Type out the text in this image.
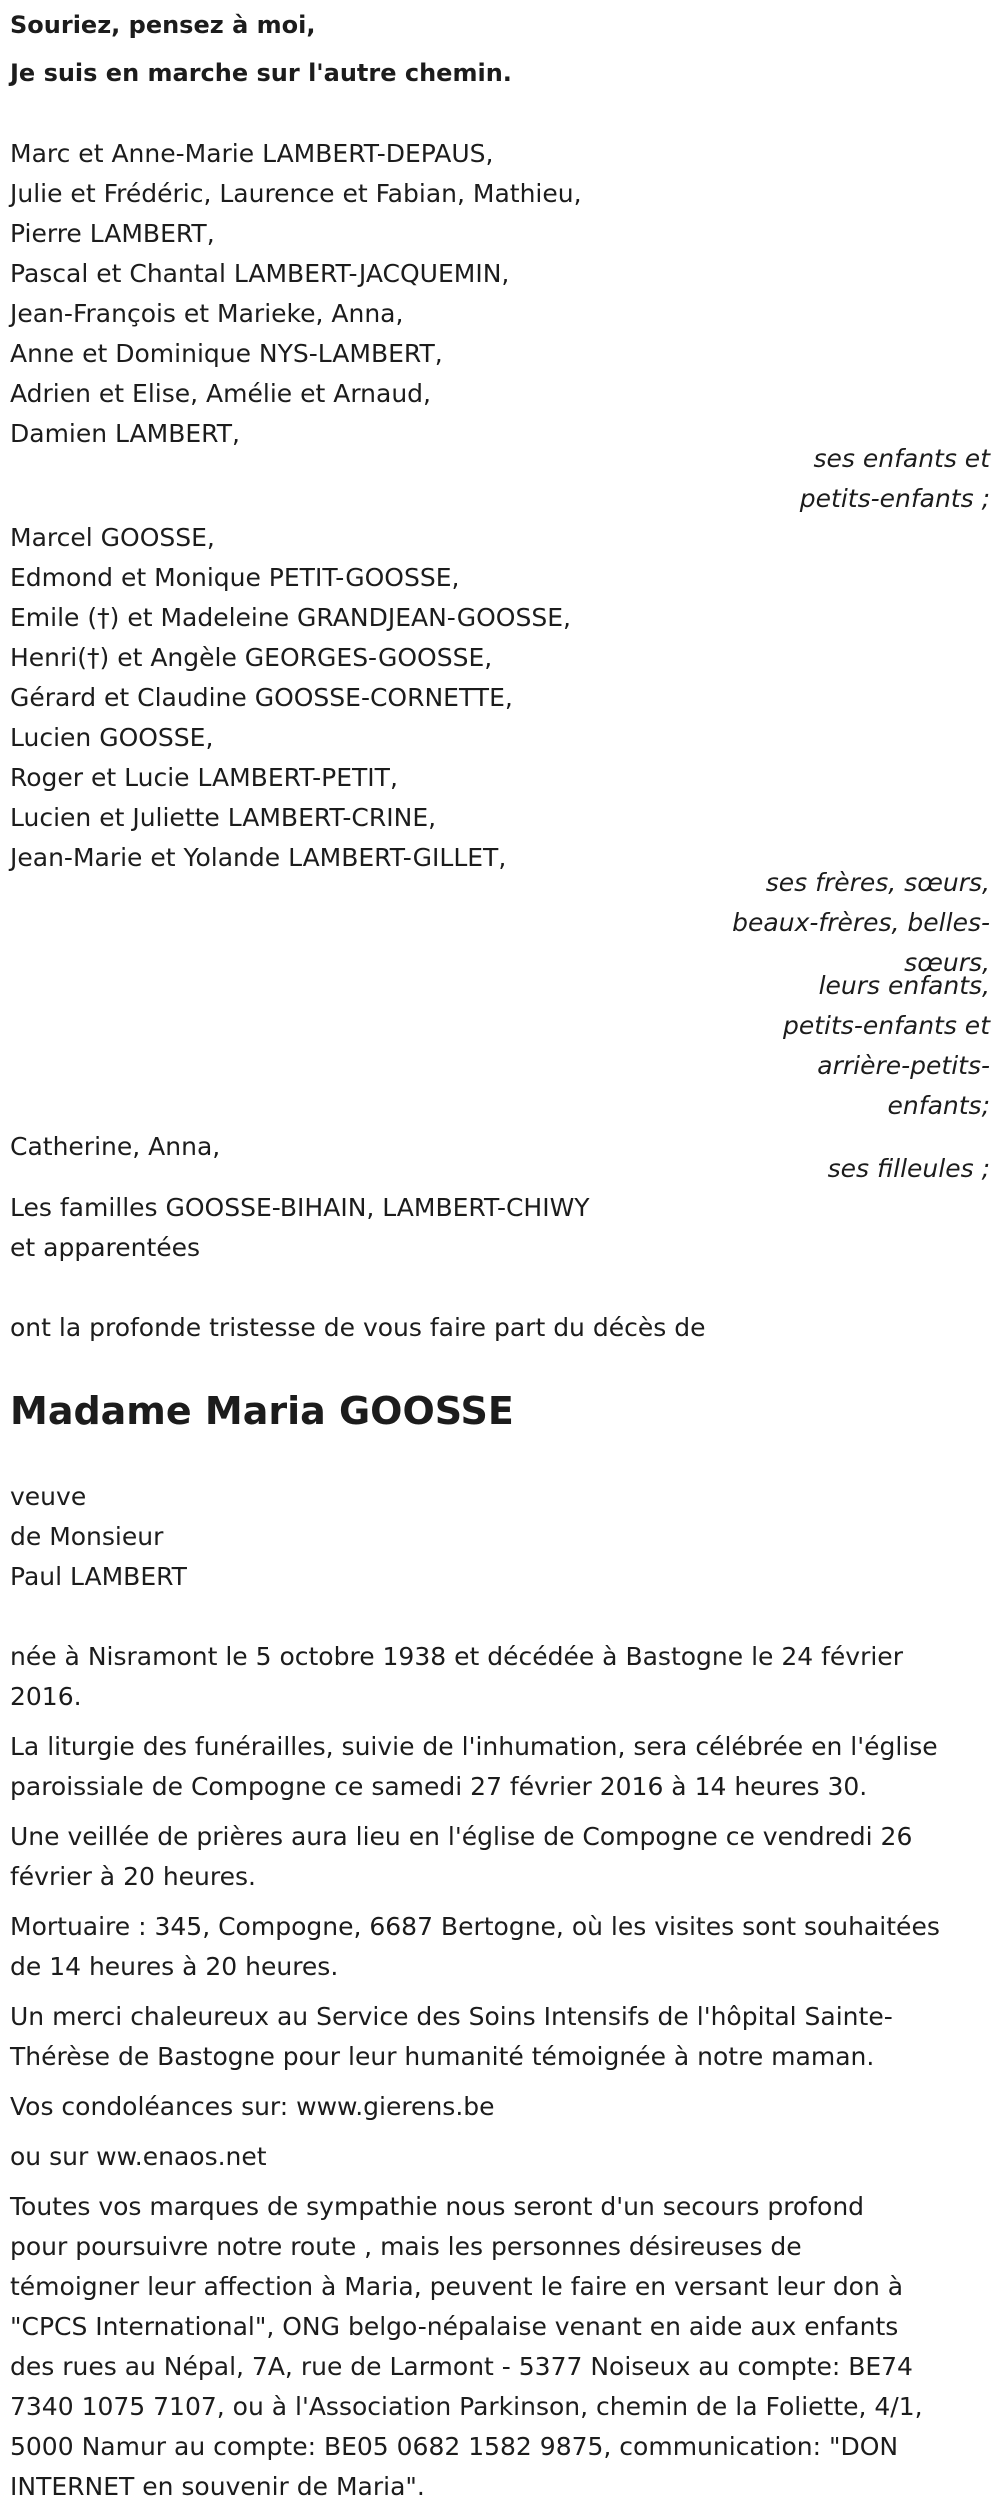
Souriez, pensez à moi,
Je suis en marche sur l'autre chemin.
Marc et Anne-Marie LAMBERT-DEPAUS,
Julie et Frédéric, Laurence et Fabian, Mathieu,
Pierre LAMBERT,
Pascal et Chantal LAMBERT-JACQUEMIN,
Jean-François et Marieke, Anna,
Anne et Dominique NYS-LAMBERT,
Adrien et Elise, Amélie et Arnaud,
Damien LAMBERT,
ses enfants et
petits-enfants ;
Marcel GOOSSE,
Edmond et Monique PETIT-GOOSSE,
Emile (†) et Madeleine GRANDJEAN-GOOSSE,
Henri(†) et Angèle GEORGES-GOOSSE,
Gérard et Claudine GOOSSE-CORNETTE,
Lucien GOOSSE,
Roger et Lucie LAMBERT-PETIT,
Lucien et Juliette LAMBERT-CRINE,
Jean-Marie et Yolande LAMBERT-GILLET,
ses frères, sœurs,
beaux-frères, belles-
sœurs,
leurs enfants,
petits-enfants et
arrière-petits-
enfants;
Catherine, Anna,
ses filleules ;
Les familles GOOSSE-BIHAIN, LAMBERT-CHIWY
et apparentées
ont la profonde tristesse de vous faire part du décès de
Madame Maria GOOSSE
veuve
de Monsieur
Paul LAMBERT
née à Nisramont le 5 octobre 1938 et décédée à Bastogne le 24 février
2016.
La liturgie des funérailles, suivie de l'inhumation, sera célébrée en l'église
paroissiale de Compogne ce samedi 27 février 2016 à 14 heures 30.
Une veillée de prières aura lieu en l'église de Compogne ce vendredi 26
février à 20 heures.
Mortuaire : 345, Compogne, 6687 Bertogne, où les visites sont souhaitées
de 14 heures à 20 heures.
Un merci chaleureux au Service des Soins Intensifs de l'hôpital Sainte-
Thérèse de Bastogne pour leur humanité témoignée à notre maman.
Vos condoléances sur: www.gierens.be
ou sur ww.enaos.net
Toutes vos marques de sympathie nous seront d'un secours profond
pour poursuivre notre route , mais les personnes désireuses de
témoigner leur affection à Maria, peuvent le faire en versant leur don à
"CPCS International", ONG belgo-népalaise venant en aide aux enfants
des rues au Népal, 7A, rue de Larmont - 5377 Noiseux au compte: BE74
7340 1075 7107, ou à l'Association Parkinson, chemin de la Foliette, 4/1,
5000 Namur au compte: BE05 0682 1582 9875, communication: "DON
INTERNET en souvenir de Maria".
